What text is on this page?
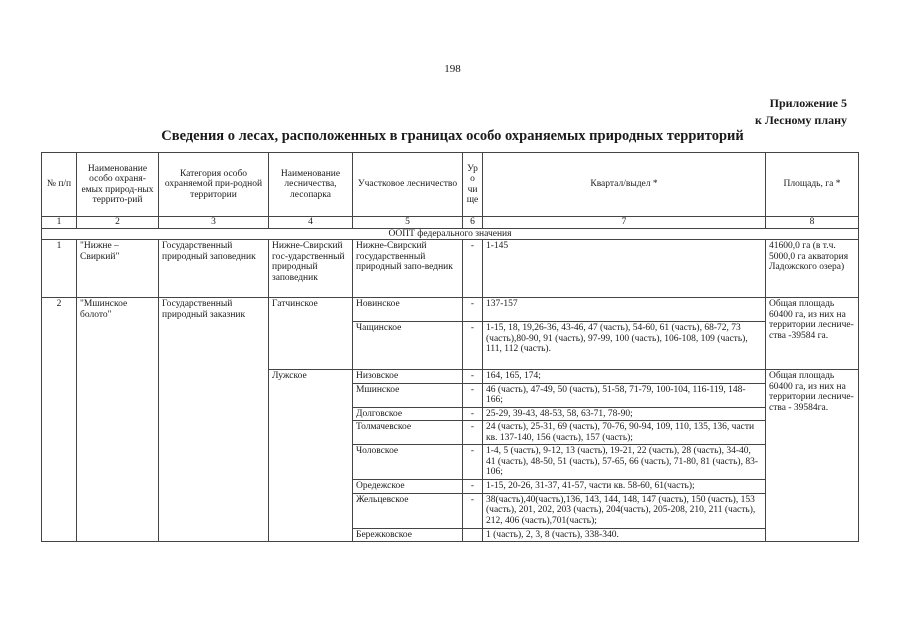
198
Приложение 5
к Лесному плану
Сведения о лесах, расположенных в границах особо охраняемых природных территорий
№ п/п	Наименование особо охраня-емых природ-ных террито-рий	Категория особо охраняемой при-родной территории	Наименование лесничества, лесопарка	Участковое лесничество	Уро чи ще	Квартал/выдел *	Площадь, га *
1	2	3	4	5	6	7	8
ООПТ федерального значения							
1	"Нижне – Свиркий"	Государственный природный заповедник	Нижне-Свирский гос-ударственный природный заповедник	Нижне-Свирский государственный природный запо-ведник	-	1-145	41600,0 га (в т.ч. 5000,0 га акватория Ладожского озера)
2	"Мшинское болото"	Государственный природный заказник	Гатчинское	Новинское	-	137-157	Общая площадь 60400 га, из них на территории лесниче-ства -39584 га.
				Чащинское	-	1-15, 18, 19,26-36, 43-46, 47 (часть), 54-60, 61 (часть), 68-72, 73 (часть),80-90, 91 (часть), 97-99, 100 (часть), 106-108, 109 (часть), 111, 112 (часть).	
			Лужское	Низовское	-	164, 165, 174;	Общая площадь 60400 га, из них на территории лесниче-ства - 39584га.
				Мшинское	-	46 (часть), 47-49, 50 (часть), 51-58, 71-79, 100-104, 116-119, 148-166;	
				Долговское	-	25-29, 39-43, 48-53, 58, 63-71, 78-90;	
				Толмачевское	-	24 (часть), 25-31, 69 (часть), 70-76, 90-94, 109, 110, 135, 136, части кв. 137-140, 156 (часть), 157 (часть);	
				Чоловское	-	1-4, 5 (часть), 9-12, 13 (часть), 19-21, 22 (часть), 28 (часть), 34-40, 41 (часть), 48-50, 51 (часть), 57-65, 66 (часть), 71-80, 81 (часть), 83-106;	
				Оредежское	-	1-15, 20-26, 31-37, 41-57, части кв. 58-60, 61(часть);	
				Жельцевское	-	38(часть),40(часть),136, 143, 144, 148, 147 (часть), 150 (часть), 153 (часть), 201, 202, 203 (часть), 204(часть), 205-208, 210, 211 (часть), 212, 406 (часть),701(часть);	
				Бережковское		1 (часть), 2, 3, 8 (часть), 338-340.	
